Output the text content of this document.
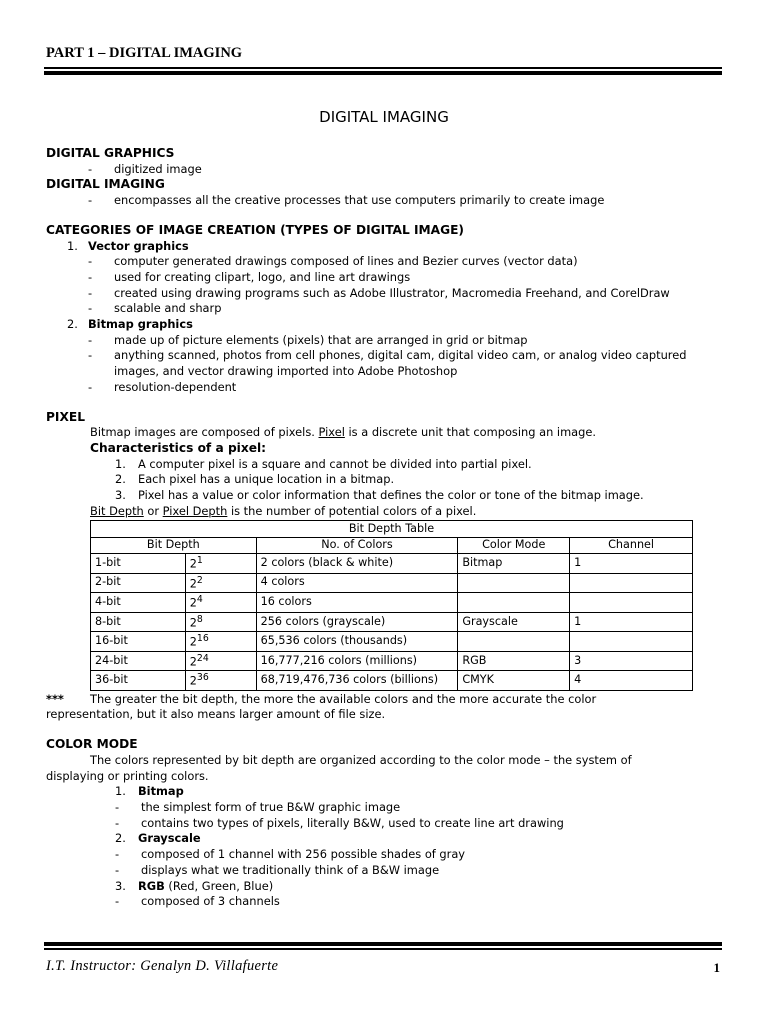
PART 1 – DIGITAL IMAGING
DIGITAL IMAGING

DIGITAL GRAPHICS

-	digitized image

DIGITAL IMAGING

-	encompasses all the creative processes that use computers primarily to create image

CATEGORIES OF IMAGE CREATION (TYPES OF DIGITAL IMAGE)

1. Vector graphics
-	computer generated drawings composed of lines and Bezier curves (vector data)
-	used for creating clipart, logo, and line art drawings
-	created using drawing programs such as Adobe Illustrator, Macromedia Freehand, and CorelDraw
-	scalable and sharp
2. Bitmap graphics
-	made up of picture elements (pixels) that are arranged in grid or bitmap
-	anything scanned, photos from cell phones, digital cam, digital video cam, or analog video captured images, and vector drawing imported into Adobe Photoshop
-	resolution-dependent

PIXEL

Bitmap images are composed of pixels. Pixel is a discrete unit that composing an image.

Characteristics of a pixel:

1.	A computer pixel is a square and cannot be divided into partial pixel.
2.	Each pixel has a unique location in a bitmap.
3.	Pixel has a value or color information that defines the color or tone of the bitmap image.

Bit Depth or Pixel Depth is the number of potential colors of a pixel.

Bit Depth Table				
Bit Depth		No. of Colors	Color Mode	Channel
1-bit	$2^1$	2 colors (black & white)	Bitmap	1
2-bit	$2^2$	4 colors		
4-bit	$2^4$	16 colors		
8-bit	$2^8$	256 colors (grayscale)	Grayscale	1
16-bit	$2^{16}$	65,536 colors (thousands)		
24-bit	$2^{24}$	16,777,216 colors (millions)	RGB	3
36-bit	$2^{36}$	68,719,476,736 colors (billions)	CMYK	4
***	The greater the bit depth, the more the available colors and the more accurate the color

representation, but it also means larger amount of file size.

COLOR MODE

The colors represented by bit depth are organized according to the color mode – the system of

displaying or printing colors.

1.	Bitmap
-	the simplest form of true B&W graphic image
-	contains two types of pixels, literally B&W, used to create line art drawing
2.	Grayscale
-	composed of 1 channel with 256 possible shades of gray
-	displays what we traditionally think of a B&W image
3.	RGB (Red, Green, Blue)
-	composed of 3 channels
I.T. Instructor: Genalyn D. Villafuerte	1
